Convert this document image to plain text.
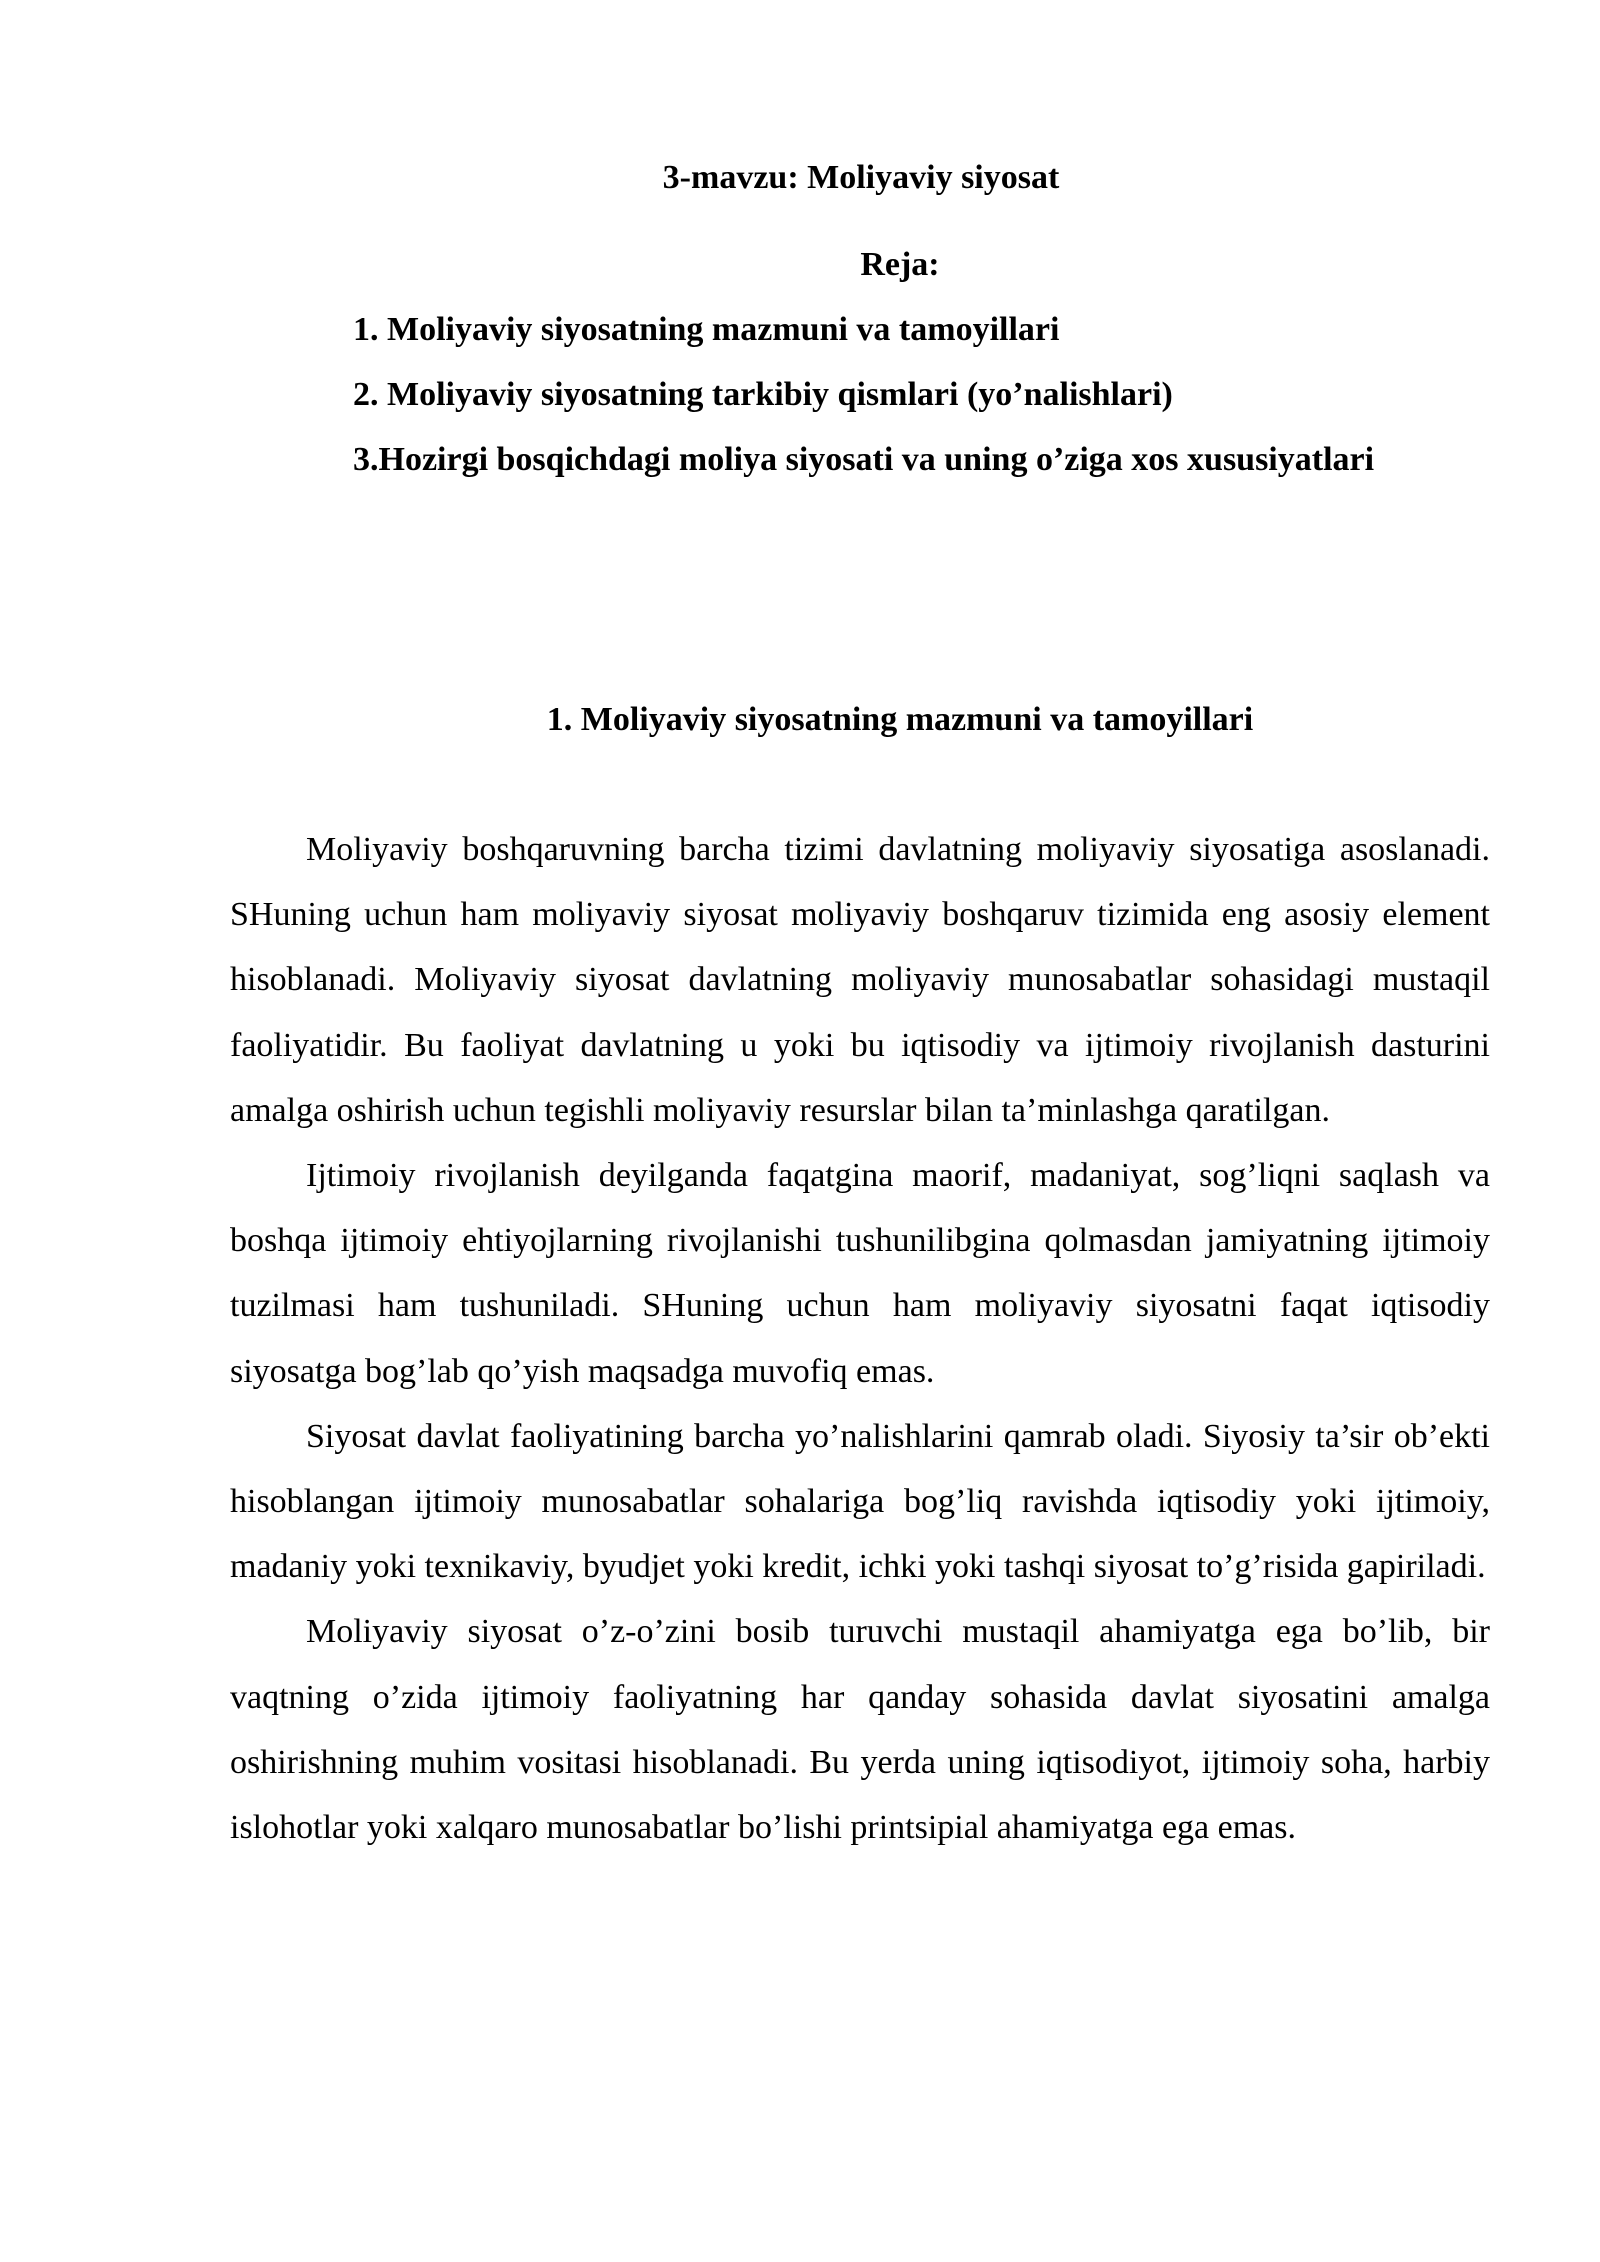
3-mavzu: Moliyaviy siyosat
Reja:
1. Moliyaviy siyosatning mazmuni va tamoyillari
2. Moliyaviy siyosatning tarkibiy qismlari (yo’nalishlari)
3.Hozirgi bosqichdagi moliya siyosati va uning o’ziga xos xususiyatlari
1. Moliyaviy siyosatning mazmuni va tamoyillari

Moliyaviy boshqaruvning barcha tizimi davlatning moliyaviy siyosatiga asoslanadi. SHuning uchun ham moliyaviy siyosat moliyaviy boshqaruv tizimida eng asosiy element hisoblanadi. Moliyaviy siyosat davlatning moliyaviy munosabatlar sohasidagi mustaqil faoliyatidir. Bu faoliyat davlatning u yoki bu iqtisodiy va ijtimoiy rivojlanish dasturini amalga oshirish uchun tegishli moliyaviy resurslar bilan ta’minlashga qaratilgan.

Ijtimoiy rivojlanish deyilganda faqatgina maorif, madaniyat, sog’liqni saqlash va boshqa ijtimoiy ehtiyojlarning rivojlanishi tushunilibgina qolmasdan jamiyatning ijtimoiy tuzilmasi ham tushuniladi. SHuning uchun ham moliyaviy siyosatni faqat iqtisodiy siyosatga bog’lab qo’yish maqsadga muvofiq emas.

Siyosat davlat faoliyatining barcha yo’nalishlarini qamrab oladi. Siyosiy ta’sir ob’ekti hisoblangan ijtimoiy munosabatlar sohalariga bog’liq ravishda iqtisodiy yoki ijtimoiy, madaniy yoki texnikaviy, byudjet yoki kredit, ichki yoki tashqi siyosat to’g’risida gapiriladi.

Moliyaviy siyosat o’z-o’zini bosib turuvchi mustaqil ahamiyatga ega bo’lib, bir vaqtning o’zida ijtimoiy faoliyatning har qanday sohasida davlat siyosatini amalga oshirishning muhim vositasi hisoblanadi. Bu yerda uning iqtisodiyot, ijtimoiy soha, harbiy islohotlar yoki xalqaro munosabatlar bo’lishi printsipial ahamiyatga ega emas.
